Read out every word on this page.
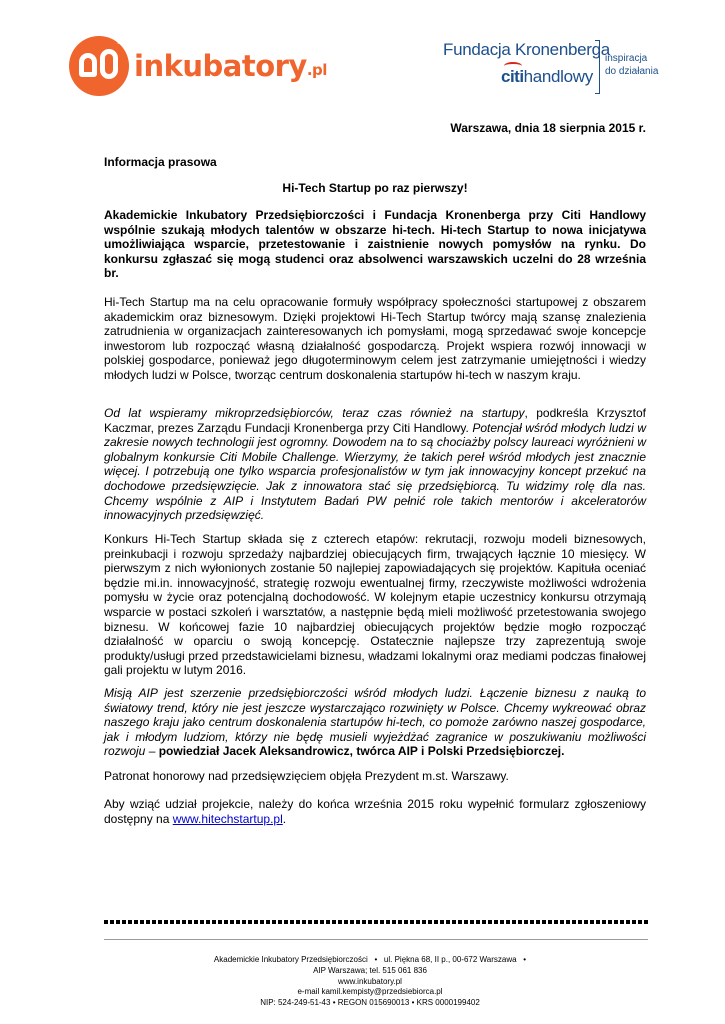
®
inkubatory.pl
Fundacja Kronenberga
citihandlowy
inspiracja
do działania
Warszawa, dnia 18 sierpnia 2015 r.
Informacja prasowa
Hi-Tech Startup po raz pierwszy!
Akademickie Inkubatory Przedsiębiorczości i Fundacja Kronenberga przy Citi Handlowy wspólnie szukają młodych talentów w obszarze hi-tech. Hi-tech Startup to nowa inicjatywa umożliwiająca wsparcie, przetestowanie i zaistnienie nowych pomysłów na rynku. Do konkursu zgłaszać się mogą studenci oraz absolwenci warszawskich uczelni do 28 września br.
Hi-Tech Startup ma na celu opracowanie formuły współpracy społeczności startupowej z obszarem akademickim oraz biznesowym. Dzięki projektowi Hi-Tech Startup twórcy mają szansę znalezienia zatrudnienia w organizacjach zainteresowanych ich pomysłami, mogą sprzedawać swoje koncepcje inwestorom lub rozpocząć własną działalność gospodarczą. Projekt wspiera rozwój innowacji w polskiej gospodarce, ponieważ jego długoterminowym celem jest zatrzymanie umiejętności i wiedzy młodych ludzi w Polsce, tworząc centrum doskonalenia startupów hi-tech w naszym kraju.
Od lat wspieramy mikroprzedsiębiorców, teraz czas również na startupy, podkreśla Krzysztof Kaczmar, prezes Zarządu Fundacji Kronenberga przy Citi Handlowy. Potencjał wśród młodych ludzi w zakresie nowych technologii jest ogromny. Dowodem na to są chociażby polscy laureaci wyróżnieni w globalnym konkursie Citi Mobile Challenge. Wierzymy, że takich pereł wśród młodych jest znacznie więcej. I potrzebują one tylko wsparcia profesjonalistów w tym jak innowacyjny koncept przekuć na dochodowe przedsięwzięcie. Jak z innowatora stać się przedsiębiorcą. Tu widzimy rolę dla nas. Chcemy wspólnie z AIP i Instytutem Badań PW pełnić role takich mentorów i akceleratorów innowacyjnych przedsięwzięć.
Konkurs Hi-Tech Startup składa się z czterech etapów: rekrutacji, rozwoju modeli biznesowych, preinkubacji i rozwoju sprzedaży najbardziej obiecujących firm, trwających łącznie 10 miesięcy. W pierwszym z nich wyłonionych zostanie 50 najlepiej zapowiadających się projektów. Kapituła oceniać będzie mi.in. innowacyjność, strategię rozwoju ewentualnej firmy, rzeczywiste możliwości wdrożenia pomysłu w życie oraz potencjalną dochodowość. W kolejnym etapie uczestnicy konkursu otrzymają wsparcie w postaci szkoleń i warsztatów, a następnie będą mieli możliwość przetestowania swojego biznesu. W końcowej fazie 10 najbardziej obiecujących projektów będzie mogło rozpocząć działalność w oparciu o swoją koncepcję. Ostatecznie najlepsze trzy zaprezentują swoje produkty/usługi przed przedstawicielami biznesu, władzami lokalnymi oraz mediami podczas finałowej gali projektu w lutym 2016.
Misją AIP jest szerzenie przedsiębiorczości wśród młodych ludzi. Łączenie biznesu z nauką to światowy trend, który nie jest jeszcze wystarczająco rozwinięty w Polsce. Chcemy wykreować obraz naszego kraju jako centrum doskonalenia startupów hi-tech, co pomoże zarówno naszej gospodarce, jak i młodym ludziom, którzy nie będę musieli wyjeżdżać zagranice w poszukiwaniu możliwości rozwoju – powiedział Jacek Aleksandrowicz, twórca AIP i Polski Przedsiębiorczej.
Patronat honorowy nad przedsięwzięciem objęła Prezydent m.st. Warszawy.
Aby wziąć udział projekcie, należy do końca września 2015 roku wypełnić formularz zgłoszeniowy dostępny na www.hitechstartup.pl.
Akademickie Inkubatory Przedsiębiorczości • ul. Piękna 68, II p., 00-672 Warszawa •
AIP Warszawa; tel. 515 061 836
www.inkubatory.pl
e-mail kamil.kempisty@przedsiebiorca.pl
NIP: 524-249-51-43 • REGON 015690013 • KRS 0000199402
